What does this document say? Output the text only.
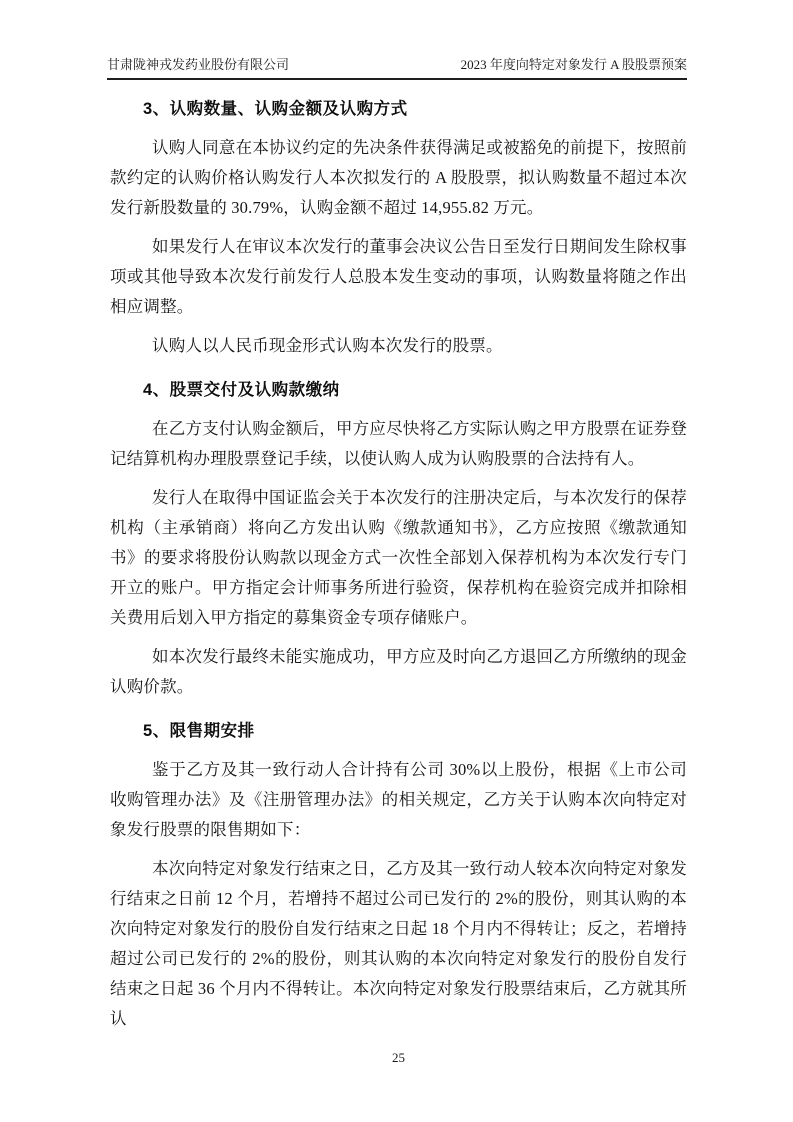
甘肃陇神戎发药业股份有限公司	2023 年度向特定对象发行 A 股股票预案
3、认购数量、认购金额及认购方式
认购人同意在本协议约定的先决条件获得满足或被豁免的前提下，按照前款约定的认购价格认购发行人本次拟发行的 A 股股票，拟认购数量不超过本次发行新股数量的 30.79%，认购金额不超过 14,955.82 万元。
如果发行人在审议本次发行的董事会决议公告日至发行日期间发生除权事项或其他导致本次发行前发行人总股本发生变动的事项，认购数量将随之作出相应调整。
认购人以人民币现金形式认购本次发行的股票。
4、股票交付及认购款缴纳
在乙方支付认购金额后，甲方应尽快将乙方实际认购之甲方股票在证券登记结算机构办理股票登记手续，以使认购人成为认购股票的合法持有人。
发行人在取得中国证监会关于本次发行的注册决定后，与本次发行的保荐机构（主承销商）将向乙方发出认购《缴款通知书》，乙方应按照《缴款通知书》的要求将股份认购款以现金方式一次性全部划入保荐机构为本次发行专门开立的账户。甲方指定会计师事务所进行验资，保荐机构在验资完成并扣除相关费用后划入甲方指定的募集资金专项存储账户。
如本次发行最终未能实施成功，甲方应及时向乙方退回乙方所缴纳的现金认购价款。
5、限售期安排
鉴于乙方及其一致行动人合计持有公司 30%以上股份，根据《上市公司收购管理办法》及《注册管理办法》的相关规定，乙方关于认购本次向特定对象发行股票的限售期如下：
本次向特定对象发行结束之日，乙方及其一致行动人较本次向特定对象发行结束之日前 12 个月，若增持不超过公司已发行的 2%的股份，则其认购的本次向特定对象发行的股份自发行结束之日起 18 个月内不得转让；反之，若增持超过公司已发行的 2%的股份，则其认购的本次向特定对象发行的股份自发行结束之日起 36 个月内不得转让。本次向特定对象发行股票结束后，乙方就其所认
25
